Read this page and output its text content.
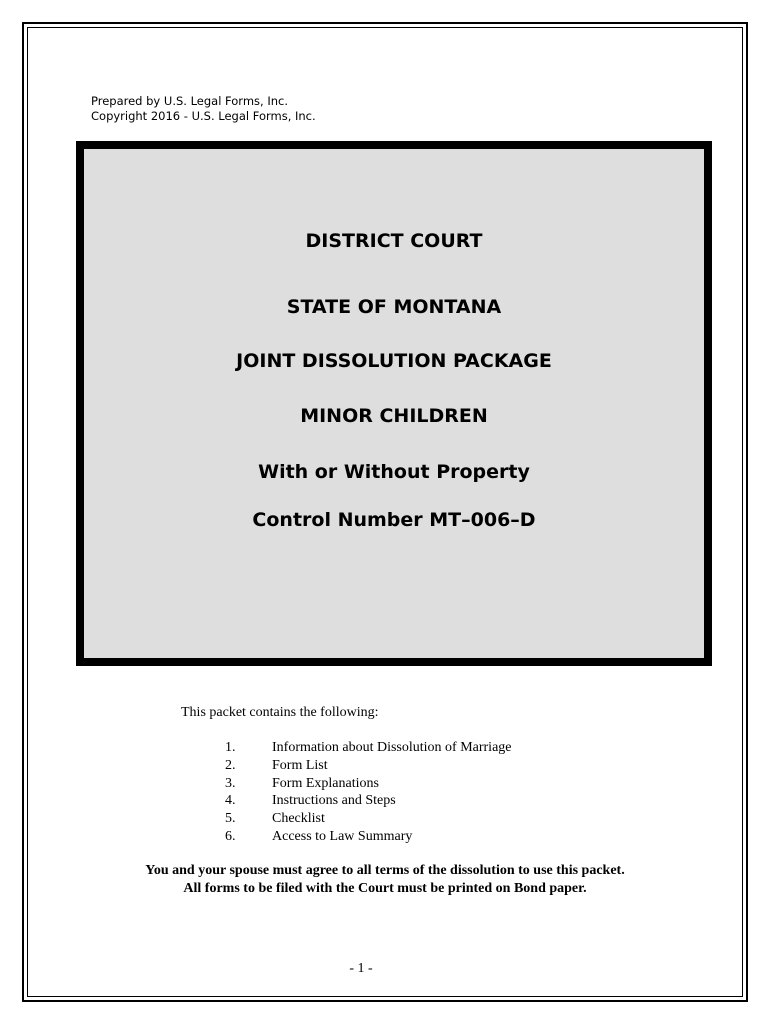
Prepared by U.S. Legal Forms, Inc.
Copyright 2016 - U.S. Legal Forms, Inc.
DISTRICT COURT
STATE OF MONTANA
JOINT DISSOLUTION PACKAGE
MINOR CHILDREN
With or Without Property
Control Number MT–006–D
This packet contains the following:
1.	Information about Dissolution of Marriage
2.	Form List
3.	Form Explanations
4.	Instructions and Steps
5.	Checklist
6.	Access to Law Summary
You and your spouse must agree to all terms of the dissolution to use this packet.
All forms to be filed with the Court must be printed on Bond paper.
- 1 -
